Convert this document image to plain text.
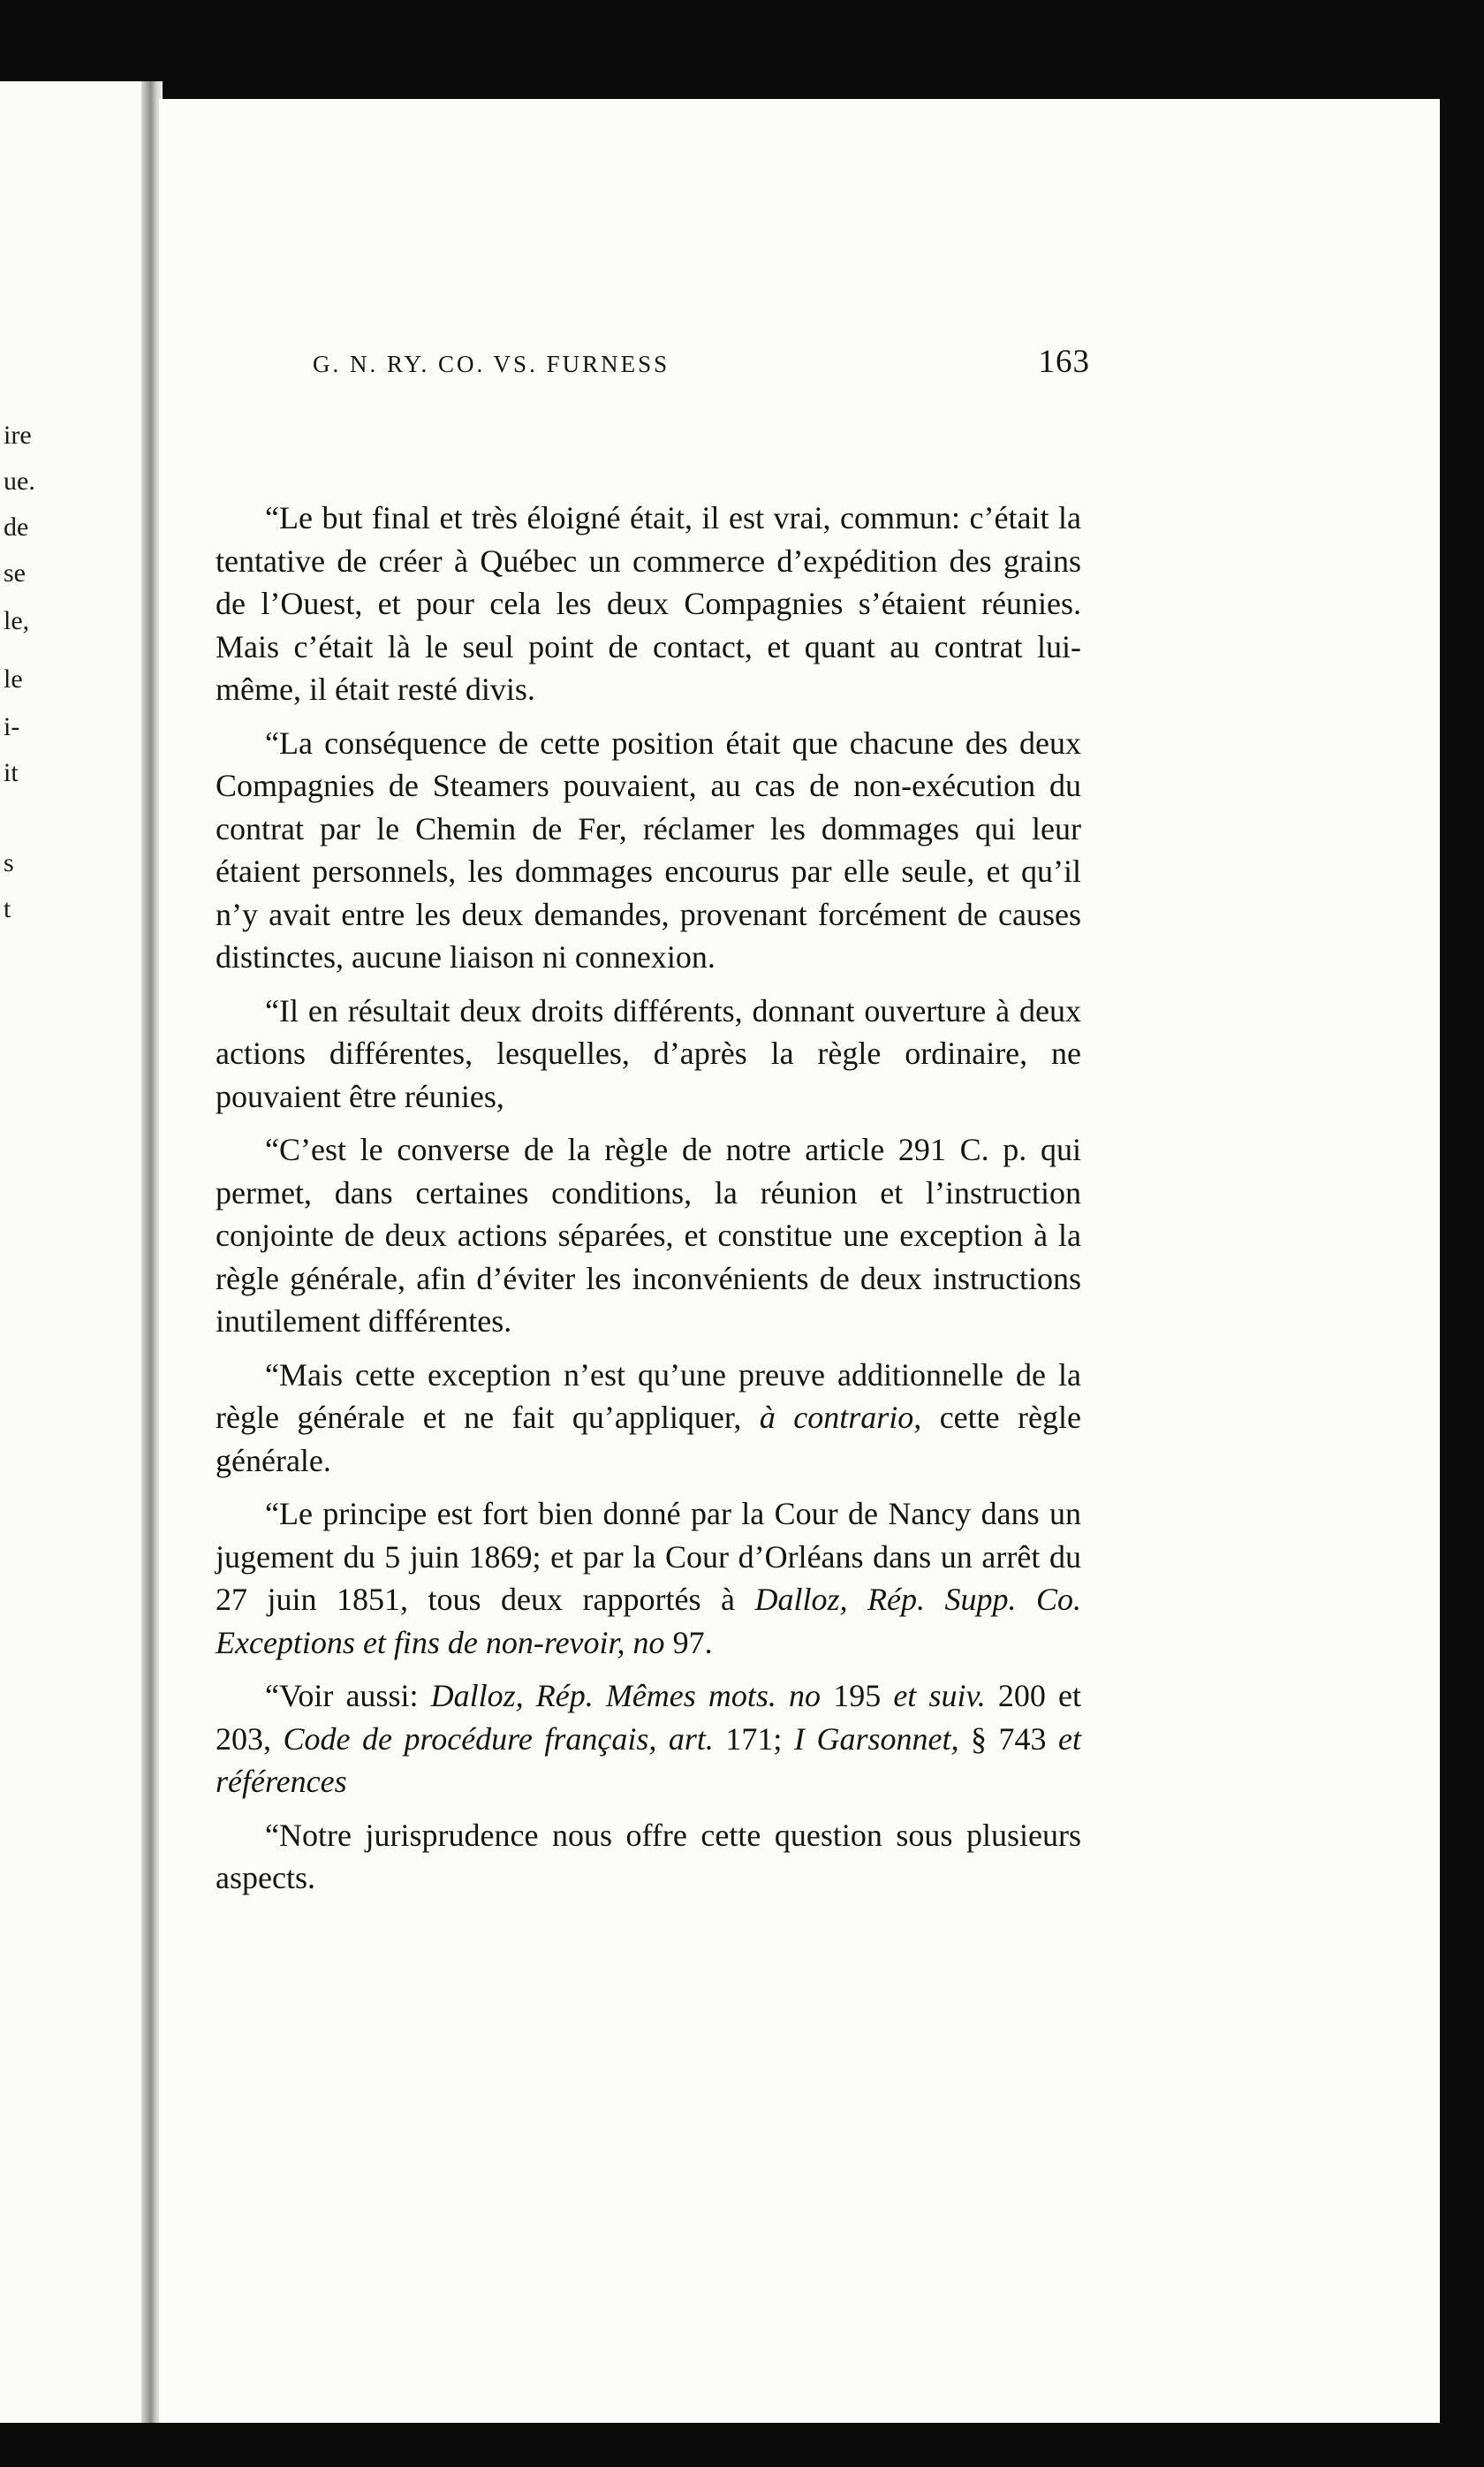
ire
ue.
de
se
le,
le
i-
it
s
t
G. N. RY. CO. VS. FURNESS	163

“Le but final et très éloigné était, il est vrai, commun: c’était la tentative de créer à Québec un commerce d’expédition des grains de l’Ouest, et pour cela les deux Compagnies s’étaient réunies. Mais c’était là le seul point de contact, et quant au contrat lui-même, il était resté divis.

“La conséquence de cette position était que chacune des deux Compagnies de Steamers pouvaient, au cas de non-exécution du contrat par le Chemin de Fer, réclamer les dommages qui leur étaient personnels, les dommages encourus par elle seule, et qu’il n’y avait entre les deux demandes, provenant forcément de causes distinctes, aucune liaison ni connexion.

“Il en résultait deux droits différents, donnant ouverture à deux actions différentes, lesquelles, d’après la règle ordinaire, ne pouvaient être réunies,

“C’est le converse de la règle de notre article 291 C. p. qui permet, dans certaines conditions, la réunion et l’instruction conjointe de deux actions séparées, et constitue une exception à la règle générale, afin d’éviter les inconvénients de deux instructions inutilement différentes.

“Mais cette exception n’est qu’une preuve additionnelle de la règle générale et ne fait qu’appliquer, à contrario, cette règle générale.

“Le principe est fort bien donné par la Cour de Nancy dans un jugement du 5 juin 1869; et par la Cour d’Orléans dans un arrêt du 27 juin 1851, tous deux rapportés à Dalloz, Rép. Supp. Co. Exceptions et fins de non-revoir, no 97.

“Voir aussi: Dalloz, Rép. Mêmes mots. no 195 et suiv. 200 et 203, Code de procédure français, art. 171; I Garsonnet, § 743 et références

“Notre jurisprudence nous offre cette question sous plusieurs aspects.
